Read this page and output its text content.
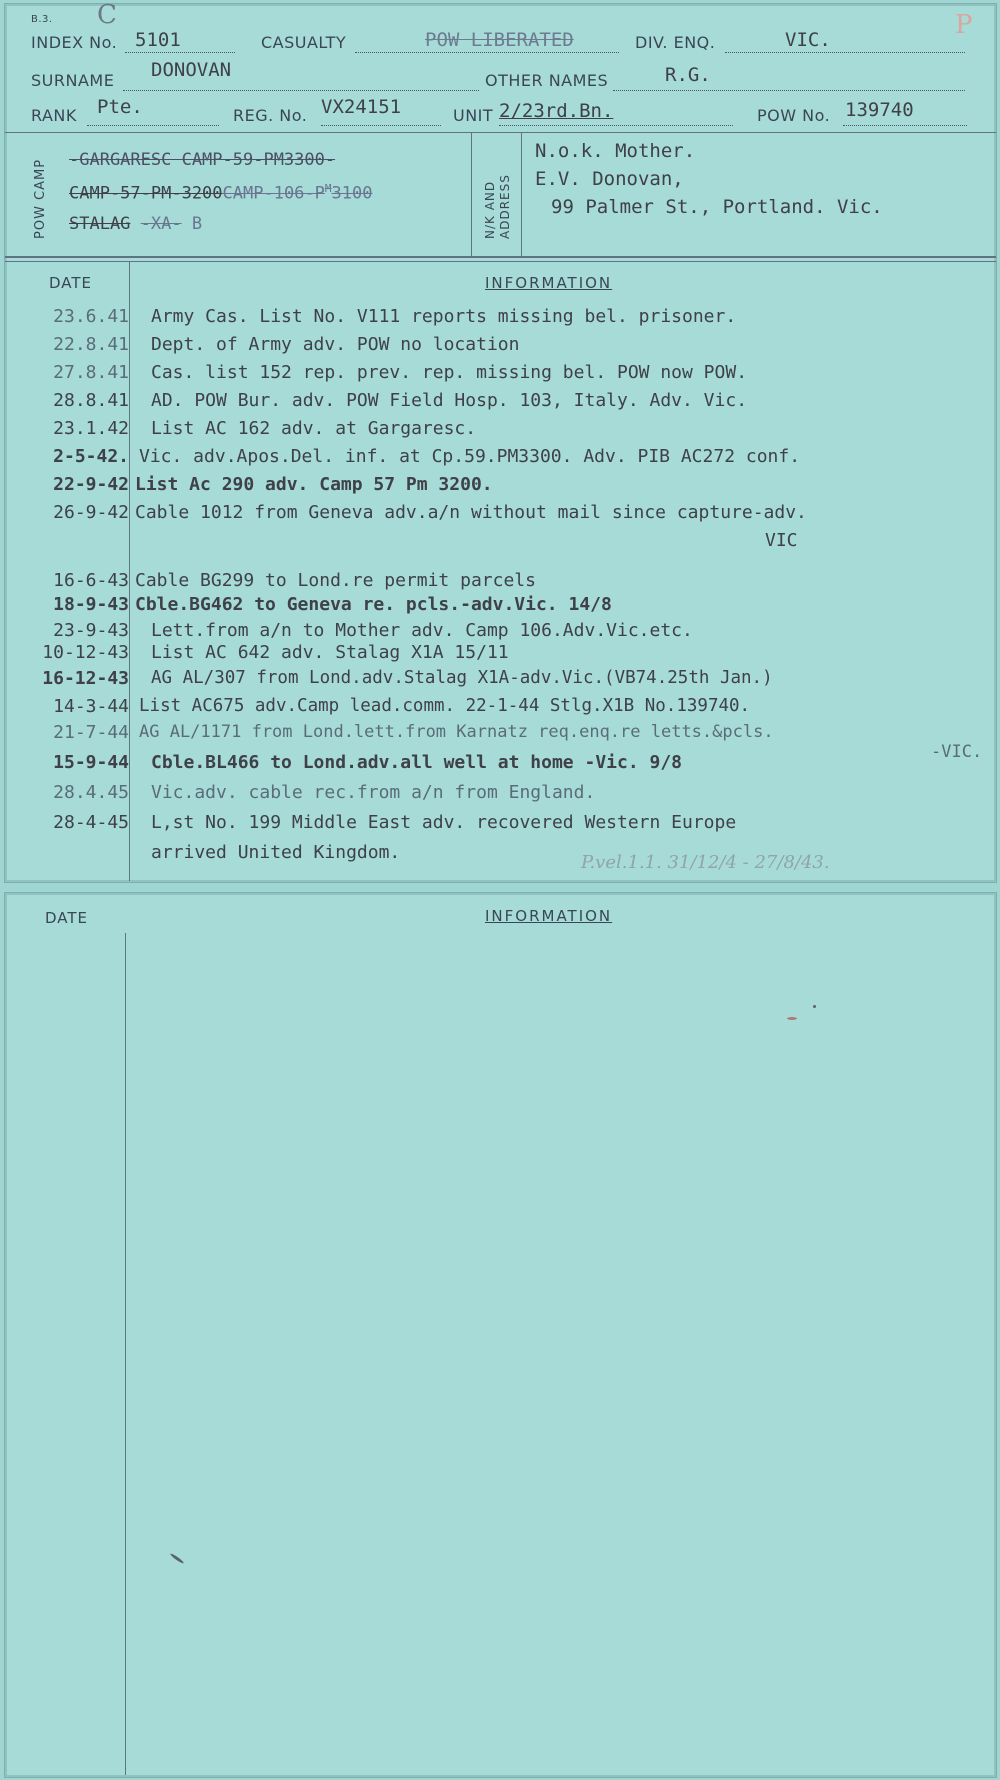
B.3. C	P
INDEX No. 5101	CASUALTY	POW LIBERATED	DIV. ENQ.	VIC.
SURNAME DONOVAN	OTHER NAMES	R.G.
RANK Pte.	REG. No. VX24151	UNIT 2/23rd.Bn.	POW No. 139740
POW CAMP -GARGARESC CAMP-59-PM3300-
CAMP-$57-PM-3200CAMP-106-P^M3100$
STALAG -XA- B	N/K AND ADDRESS
N.o.k. Mother.
E.V. Donovan,
99 Palmer St., Portland. Vic.
DATE	INFORMATION
23.6.41 Army Cas. List No. V111 reports missing bel. prisoner.
22.8.41 Dept. of Army adv. POW no location
27.8.41 Cas. list 152 rep. prev. rep. missing bel. POW now POW.
28.8.41 AD. POW Bur. adv. POW Field Hosp. 103, Italy. Adv. Vic.
23.1.42 List AC 162 adv. at Gargaresc.
2-5-42. Vic. adv.Apos.Del. inf. at Cp.59.PM3300. Adv. PIB AC272 conf.
22-9-42 List Ac 290 adv. Camp 57 Pm 3200.
26-9-42 Cable 1012 from Geneva adv.a/n without mail since capture-adv.
VIC
16-6-43 Cable BG299 to Lond.re permit parcels
18-9-43 Cble.BG462 to Geneva re. pcls.-adv.Vic. 14/8
23-9-43 Lett.from a/n to Mother adv. Camp 106.Adv.Vic.etc.
10-12-43 List AC 642 adv. Stalag X1A 15/11
16-12-43 AG AL/307 from Lond.adv.Stalag X1A-adv.Vic.(VB74.25th Jan.)
14-3-44 List AC675 adv.Camp lead.comm. 22-1-44 Stlg.X1B No.139740.
21-7-44 AG AL/1171 from Lond.lett.from Karnatz req.enq.re letts.&pcls.
-VIC.
15-9-44 Cble.BL466 to Lond.adv.all well at home -Vic. 9/8
28.4.45 Vic.adv. cable rec.from a/n from England.
28-4-45 L,st No. 199 Middle East adv. recovered Western Europe
arrived United Kingdom.	P.vel.1.1. 31/12/4 - 27/8/43.
DATE	INFORMATION
